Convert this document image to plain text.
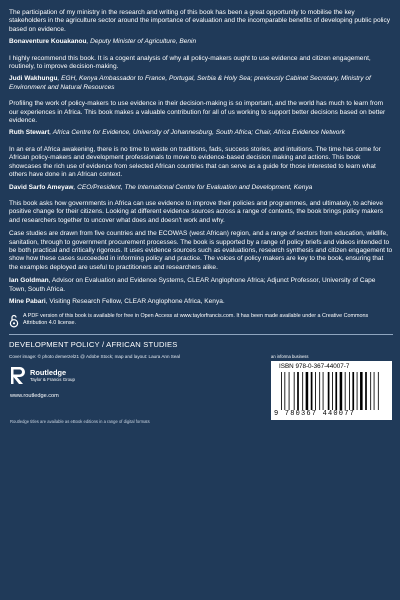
The participation of my ministry in the research and writing of this book has been a great opportunity to mobilise the key stakeholders in the agriculture sector around the importance of evaluation and the incomparable benefits of developing public policy based on evidence.
Bonaventure Kouakanou, Deputy Minister of Agriculture, Benin
I highly recommend this book. It is a cogent analysis of why all policy-makers ought to use evidence and citizen engagement, routinely, to improve decision-making.
Judi Wakhungu, EGH, Kenya Ambassador to France, Portugal, Serbia & Holy Sea; previously Cabinet Secretary, Ministry of Environment and Natural Resources
Profiling the work of policy-makers to use evidence in their decision-making is so important, and the world has much to learn from our experiences in Africa. This book makes a valuable contribution for all of us working to support better decisions based on better evidence.
Ruth Stewart, Africa Centre for Evidence, University of Johannesburg, South Africa; Chair, Africa Evidence Network
In an era of Africa awakening, there is no time to waste on traditions, fads, success stories, and intuitions. The time has come for African policy-makers and development professionals to move to evidence-based decision making and actions. This book showcases the rich use of evidence from selected African countries that can serve as a guide for those interested to learn what others have done in an African context.
David Sarfo Ameyaw, CEO/President, The International Centre for Evaluation and Development, Kenya
This book asks how governments in Africa can use evidence to improve their policies and programmes, and ultimately, to achieve positive change for their citizens. Looking at different evidence sources across a range of contexts, the book brings policy makers and researchers together to uncover what does and doesn't work and why.
Case studies are drawn from five countries and the ECOWAS (west African) region, and a range of sectors from education, wildlife, sanitation, through to government procurement processes. The book is supported by a range of policy briefs and videos intended to be both practical and critically rigorous. It uses evidence sources such as evaluations, research synthesis and citizen engagement to show how these cases succeeded in informing policy and practice. The voices of policy makers are key to the book, ensuring that the examples deployed are useful to practitioners and researchers alike.
Ian Goldman, Advisor on Evaluation and Evidence Systems, CLEAR Anglophone Africa; Adjunct Professor, University of Cape Town, South Africa.
Mine Pabari, Visiting Research Fellow, CLEAR Anglophone Africa, Kenya.
A PDF version of this book is available for free in Open Access at www.taylorfrancis.com. It has been made available under a Creative Commons Attribution 4.0 license.
DEVELOPMENT POLICY / AFRICAN STUDIES
Cover image: © photo demerzel21 @ Adobe Stock; map and layout: Laura Ann Seal
Routledge
Taylor & Francis Group
www.routledge.com
Routledge titles are available as eBook editions in a range of digital formats
an informa business
ISBN 978-0-367-44007-7
9 780367 440077
